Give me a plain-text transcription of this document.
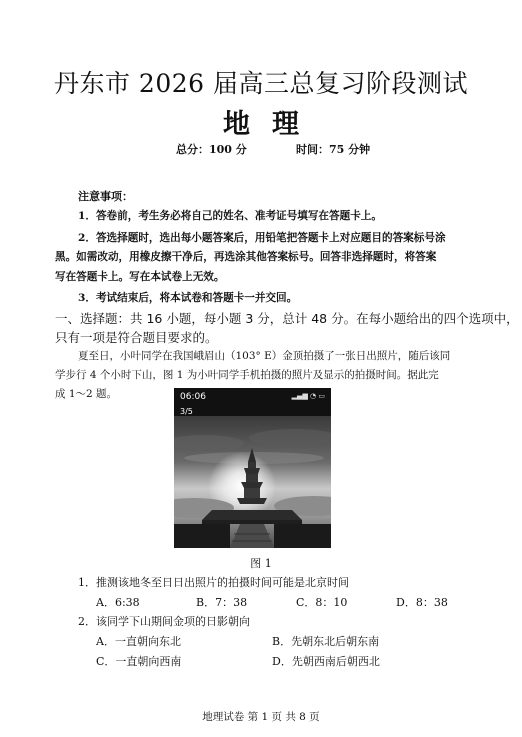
丹东市 2026 届高三总复习阶段测试
地理
总分：100 分	时间：75 分钟
注意事项：
1．答卷前，考生务必将自己的姓名、准考证号填写在答题卡上。
2．答选择题时，选出每小题答案后，用铅笔把答题卡上对应题目的答案标号涂
黑。如需改动，用橡皮擦干净后，再选涂其他答案标号。回答非选择题时，将答案
写在答题卡上。写在本试卷上无效。
3．考试结束后，将本试卷和答题卡一并交回。
一、选择题：共 16 小题，每小题 3 分，总计 48 分。在每小题给出的四个选项中，
只有一项是符合题目要求的。
夏至日，小叶同学在我国峨眉山（103° E）金顶拍摄了一张日出照片，随后该同
学步行 4 个小时下山，图 1 为小叶同学手机拍摄的照片及显示的拍摄时间。据此完
成 1～2 题。	06:06	▂▄▆ ◔ ▭
3/5
图 1
1．推测该地冬至日日出照片的拍摄时间可能是北京时间
A．6:38	B．7：38	C．8：10	D．8：38
2．该同学下山期间金项的日影朝向
A．一直朝向东北	B．先朝东北后朝东南
C．一直朝向西南	D．先朝西南后朝西北
地理试卷 第 1 页 共 8 页
